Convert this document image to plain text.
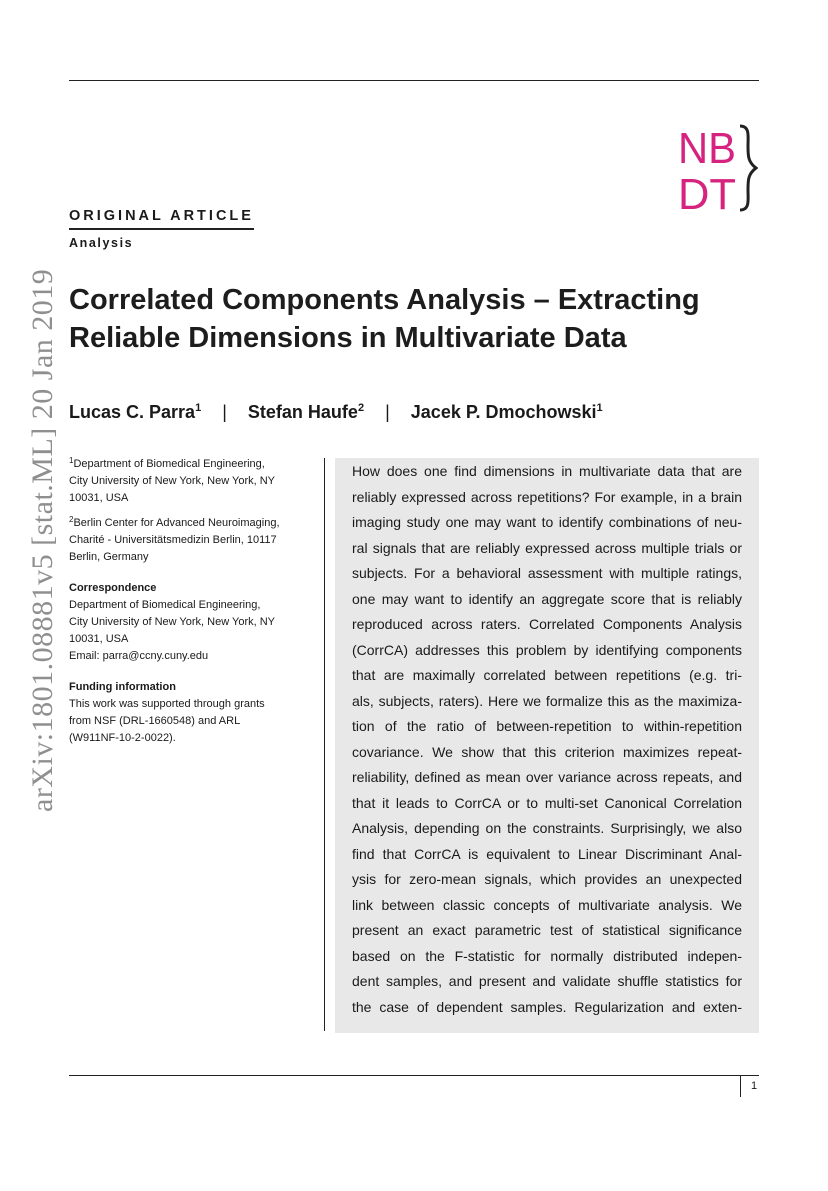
arXiv:1801.08881v5 [stat.ML] 20 Jan 2019
NB
DT
ORIGINAL ARTICLE
Analysis
Correlated Components Analysis – Extracting
Reliable Dimensions in Multivariate Data
Lucas C. Parra$^1$ | Stefan Haufe$^2$ | Jacek P. Dmochowski$^1$
$^1$Department of Biomedical Engineering,
City University of New York, New York, NY
10031, USA
$^2$Berlin Center for Advanced Neuroimaging,
Charité - Universitätsmedizin Berlin, 10117
Berlin, Germany
Correspondence
Department of Biomedical Engineering,
City University of New York, New York, NY
10031, USA
Email: parra@ccny.cuny.edu
Funding information
This work was supported through grants
from NSF (DRL-1660548) and ARL
(W911NF-10-2-0022).
How does one find dimensions in multivariate data that are
reliably expressed across repetitions? For example, in a brain
imaging study one may want to identify combinations of neu-
ral signals that are reliably expressed across multiple trials or
subjects. For a behavioral assessment with multiple ratings,
one may want to identify an aggregate score that is reliably
reproduced across raters. Correlated Components Analysis
(CorrCA) addresses this problem by identifying components
that are maximally correlated between repetitions (e.g. tri-
als, subjects, raters). Here we formalize this as the maximiza-
tion of the ratio of between-repetition to within-repetition
covariance. We show that this criterion maximizes repeat-
reliability, defined as mean over variance across repeats, and
that it leads to CorrCA or to multi-set Canonical Correlation
Analysis, depending on the constraints. Surprisingly, we also
find that CorrCA is equivalent to Linear Discriminant Anal-
ysis for zero-mean signals, which provides an unexpected
link between classic concepts of multivariate analysis. We
present an exact parametric test of statistical significance
based on the F-statistic for normally distributed indepen-
dent samples, and present and validate shuffle statistics for
the case of dependent samples. Regularization and exten-
1
